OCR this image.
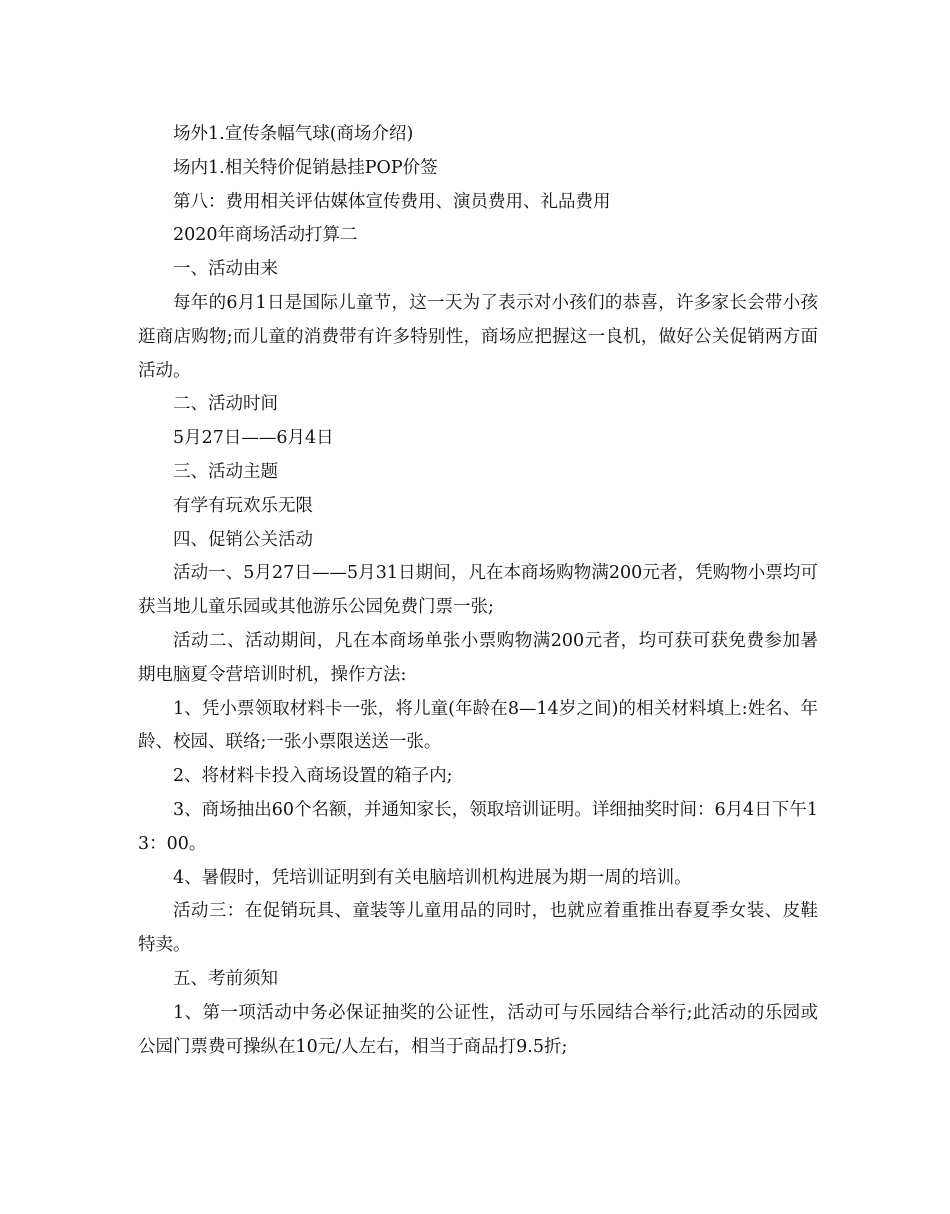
场外1.宣传条幅气球(商场介绍)

场内1.相关特价促销悬挂POP价签

第八：费用相关评估媒体宣传费用、演员费用、礼品费用

2020年商场活动打算二

一、活动由来

每年的6月1日是国际儿童节，这一天为了表示对小孩们的恭喜，许多家长会带小孩逛商店购物;而儿童的消费带有许多特别性，商场应把握这一良机，做好公关促销两方面活动。

二、活动时间

5月27日——6月4日

三、活动主题

有学有玩欢乐无限

四、促销公关活动

活动一、5月27日——5月31日期间，凡在本商场购物满200元者，凭购物小票均可获当地儿童乐园或其他游乐公园免费门票一张;

活动二、活动期间，凡在本商场单张小票购物满200元者，均可获可获免费参加暑期电脑夏令营培训时机，操作方法:

1、凭小票领取材料卡一张，将儿童(年龄在8—14岁之间)的相关材料填上:姓名、年龄、校园、联络;一张小票限送送一张。

2、将材料卡投入商场设置的箱子内;

3、商场抽出60个名额，并通知家长，领取培训证明。详细抽奖时间：6月4日下午13：00。

4、暑假时，凭培训证明到有关电脑培训机构进展为期一周的培训。

活动三：在促销玩具、童装等儿童用品的同时，也就应着重推出春夏季女装、皮鞋特卖。

五、考前须知

1、第一项活动中务必保证抽奖的公证性，活动可与乐园结合举行;此活动的乐园或公园门票费可操纵在10元/人左右，相当于商品打9.5折;
